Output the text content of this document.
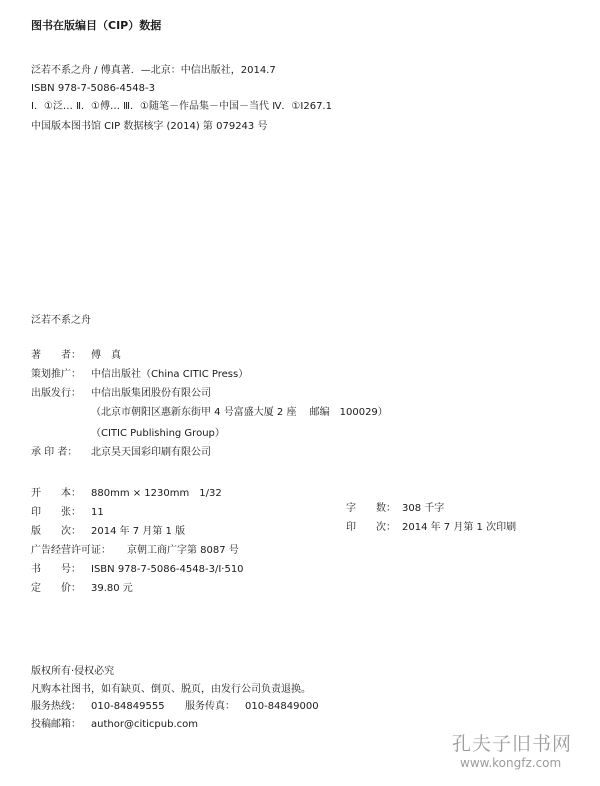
图书在版编目（CIP）数据
泛若不系之舟 / 傅真著．—北京：中信出版社，2014.7
ISBN 978-7-5086-4548-3
Ⅰ．①泛… Ⅱ．①傅… Ⅲ．①随笔－作品集－中国－当代 Ⅳ．①I267.1
中国版本图书馆 CIP 数据核字 (2014) 第 079243 号
泛若不系之舟
著　　者： 傅　真
策划推广： 中信出版社（China CITIC Press）
出版发行： 中信出版集团股份有限公司
（北京市朝阳区惠新东街甲 4 号富盛大厦 2 座　 邮编　100029）
（CITIC Publishing Group）
承 印 者： 北京昊天国彩印刷有限公司
开　　本： 880mm × 1230mm　1/32
印　　张： 11
版　　次： 2014 年 7 月第 1 版
广告经营许可证： 京朝工商广字第 8087 号
书　　号： ISBN 978-7-5086-4548-3/I·510
定　　价： 39.80 元
字　　数： 308 千字
印　　次： 2014 年 7 月第 1 次印刷
版权所有·侵权必究
凡购本社图书，如有缺页、倒页、脱页，由发行公司负责退换。
服务热线： 010-84849555 服务传真： 010-84849000
投稿邮箱： author@citicpub.com
孔夫子旧书网
www.kongfz.com
